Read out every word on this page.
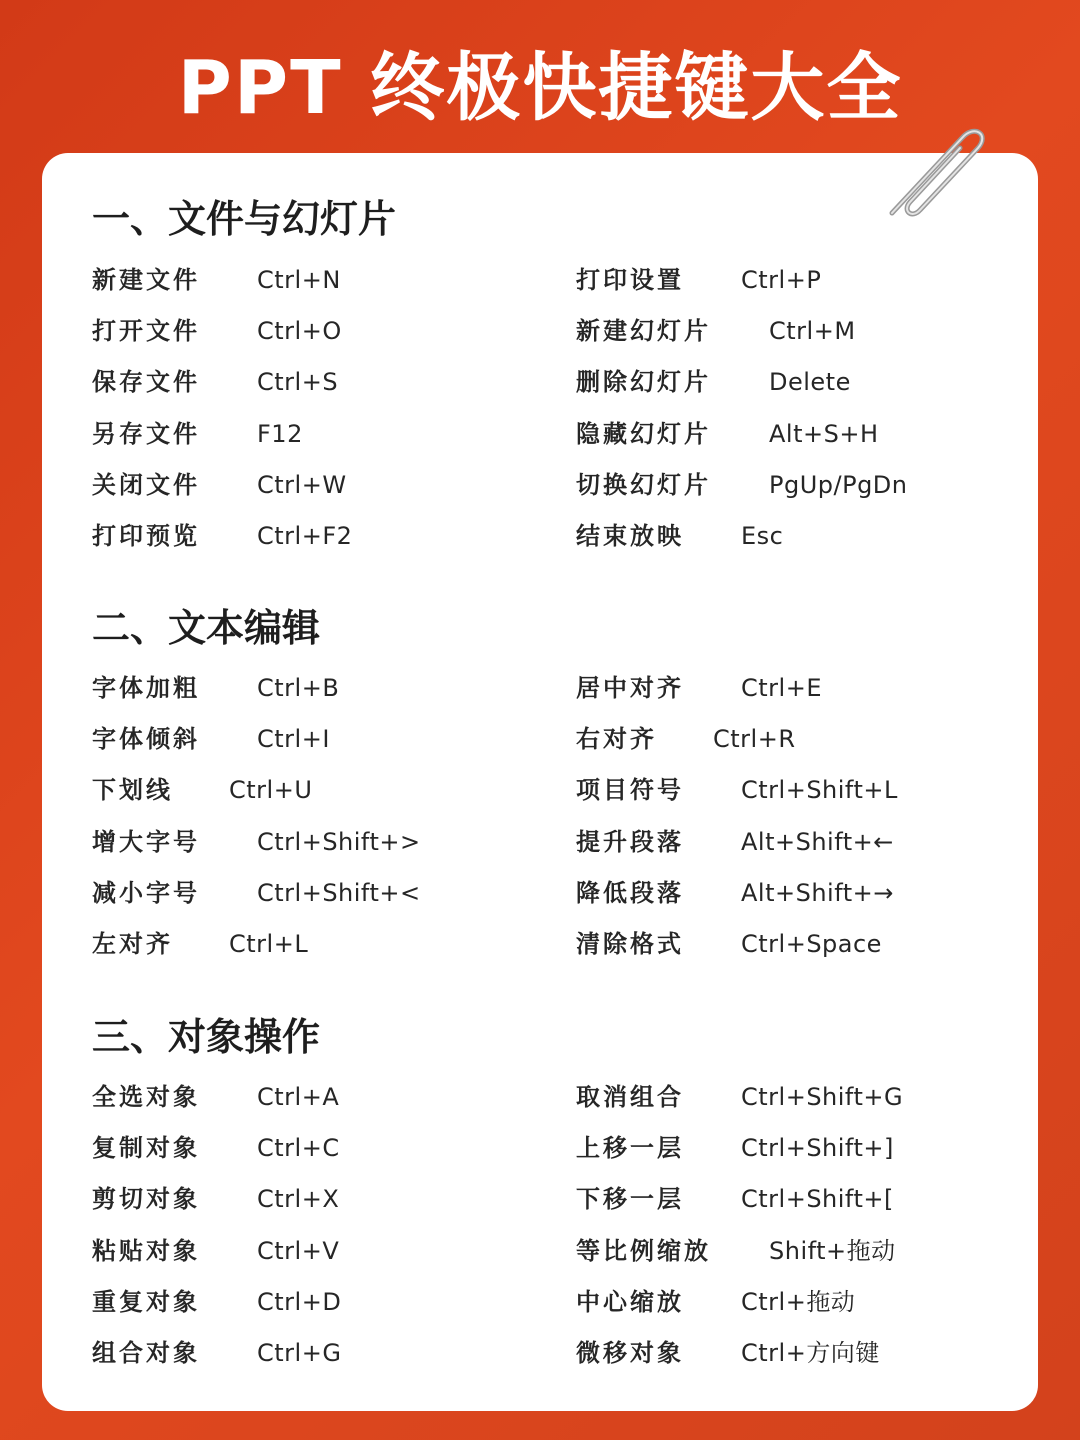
PPT 终极快捷键大全
一、文件与幻灯片
新建文件 Ctrl+N
打开文件 Ctrl+O
保存文件 Ctrl+S
另存文件 F12
关闭文件 Ctrl+W
打印预览 Ctrl+F2
打印设置 Ctrl+P
新建幻灯片 Ctrl+M
删除幻灯片 Delete
隐藏幻灯片 Alt+S+H
切换幻灯片 PgUp/PgDn
结束放映 Esc
二、文本编辑
字体加粗 Ctrl+B
字体倾斜 Ctrl+I
下划线 Ctrl+U
增大字号 Ctrl+Shift+>
减小字号 Ctrl+Shift+<
左对齐 Ctrl+L
居中对齐 Ctrl+E
右对齐 Ctrl+R
项目符号 Ctrl+Shift+L
提升段落 Alt+Shift+←
降低段落 Alt+Shift+→
清除格式 Ctrl+Space
三、对象操作
全选对象 Ctrl+A
复制对象 Ctrl+C
剪切对象 Ctrl+X
粘贴对象 Ctrl+V
重复对象 Ctrl+D
组合对象 Ctrl+G
取消组合 Ctrl+Shift+G
上移一层 Ctrl+Shift+]
下移一层 Ctrl+Shift+[
等比例缩放 Shift+拖动
中心缩放 Ctrl+拖动
微移对象 Ctrl+方向键
